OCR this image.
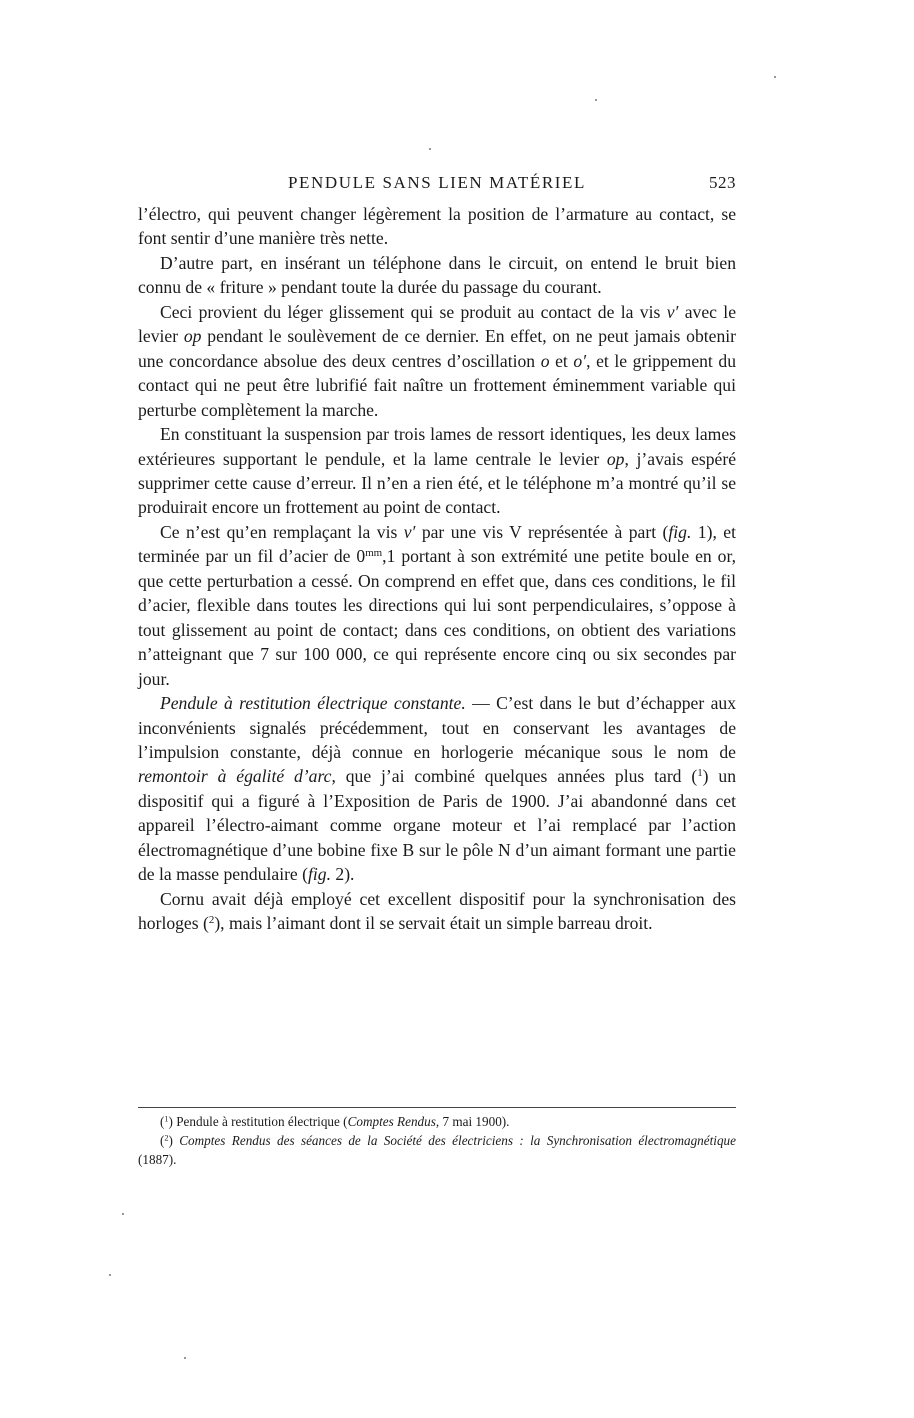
PENDULE SANS LIEN MATÉRIEL	523

l’électro, qui peuvent changer légèrement la position de l’armature au contact, se font sentir d’une manière très nette.

D’autre part, en insérant un téléphone dans le circuit, on entend le bruit bien connu de « friture » pendant toute la durée du passage du courant.

Ceci provient du léger glissement qui se produit au contact de la vis v′ avec le levier op pendant le soulèvement de ce dernier. En effet, on ne peut jamais obtenir une concordance absolue des deux centres d’oscillation o et o′, et le grippement du contact qui ne peut être lubrifié fait naître un frottement éminemment variable qui perturbe complètement la marche.

En constituant la suspension par trois lames de ressort identiques, les deux lames extérieures supportant le pendule, et la lame centrale le levier op, j’avais espéré supprimer cette cause d’erreur. Il n’en a rien été, et le téléphone m’a montré qu’il se produirait encore un frottement au point de contact.

Ce n’est qu’en remplaçant la vis v′ par une vis V représentée à part (fig. 1), et terminée par un fil d’acier de $0^{mm},1$ portant à son extrémité une petite boule en or, que cette perturbation a cessé. On comprend en effet que, dans ces conditions, le fil d’acier, flexible dans toutes les directions qui lui sont perpendiculaires, s’oppose à tout glissement au point de contact; dans ces conditions, on obtient des variations n’atteignant que 7 sur 100 000, ce qui représente encore cinq ou six secondes par jour.

Pendule à restitution électrique constante. — C’est dans le but d’échapper aux inconvénients signalés précédemment, tout en conservant les avantages de l’impulsion constante, déjà connue en horlogerie mécanique sous le nom de remontoir à égalité d’arc, que j’ai combiné quelques années plus tard ($^1$) un dispositif qui a figuré à l’Exposition de Paris de 1900. J’ai abandonné dans cet appareil l’électro-aimant comme organe moteur et l’ai remplacé par l’action électromagnétique d’une bobine fixe B sur le pôle N d’un aimant formant une partie de la masse pendulaire (fig. 2).

Cornu avait déjà employé cet excellent dispositif pour la synchronisation des horloges ($^2$), mais l’aimant dont il se servait était un simple barreau droit.

($^1$) Pendule à restitution électrique (Comptes Rendus, 7 mai 1900).

($^2$) Comptes Rendus des séances de la Société des électriciens : la Synchronisation électromagnétique (1887).
